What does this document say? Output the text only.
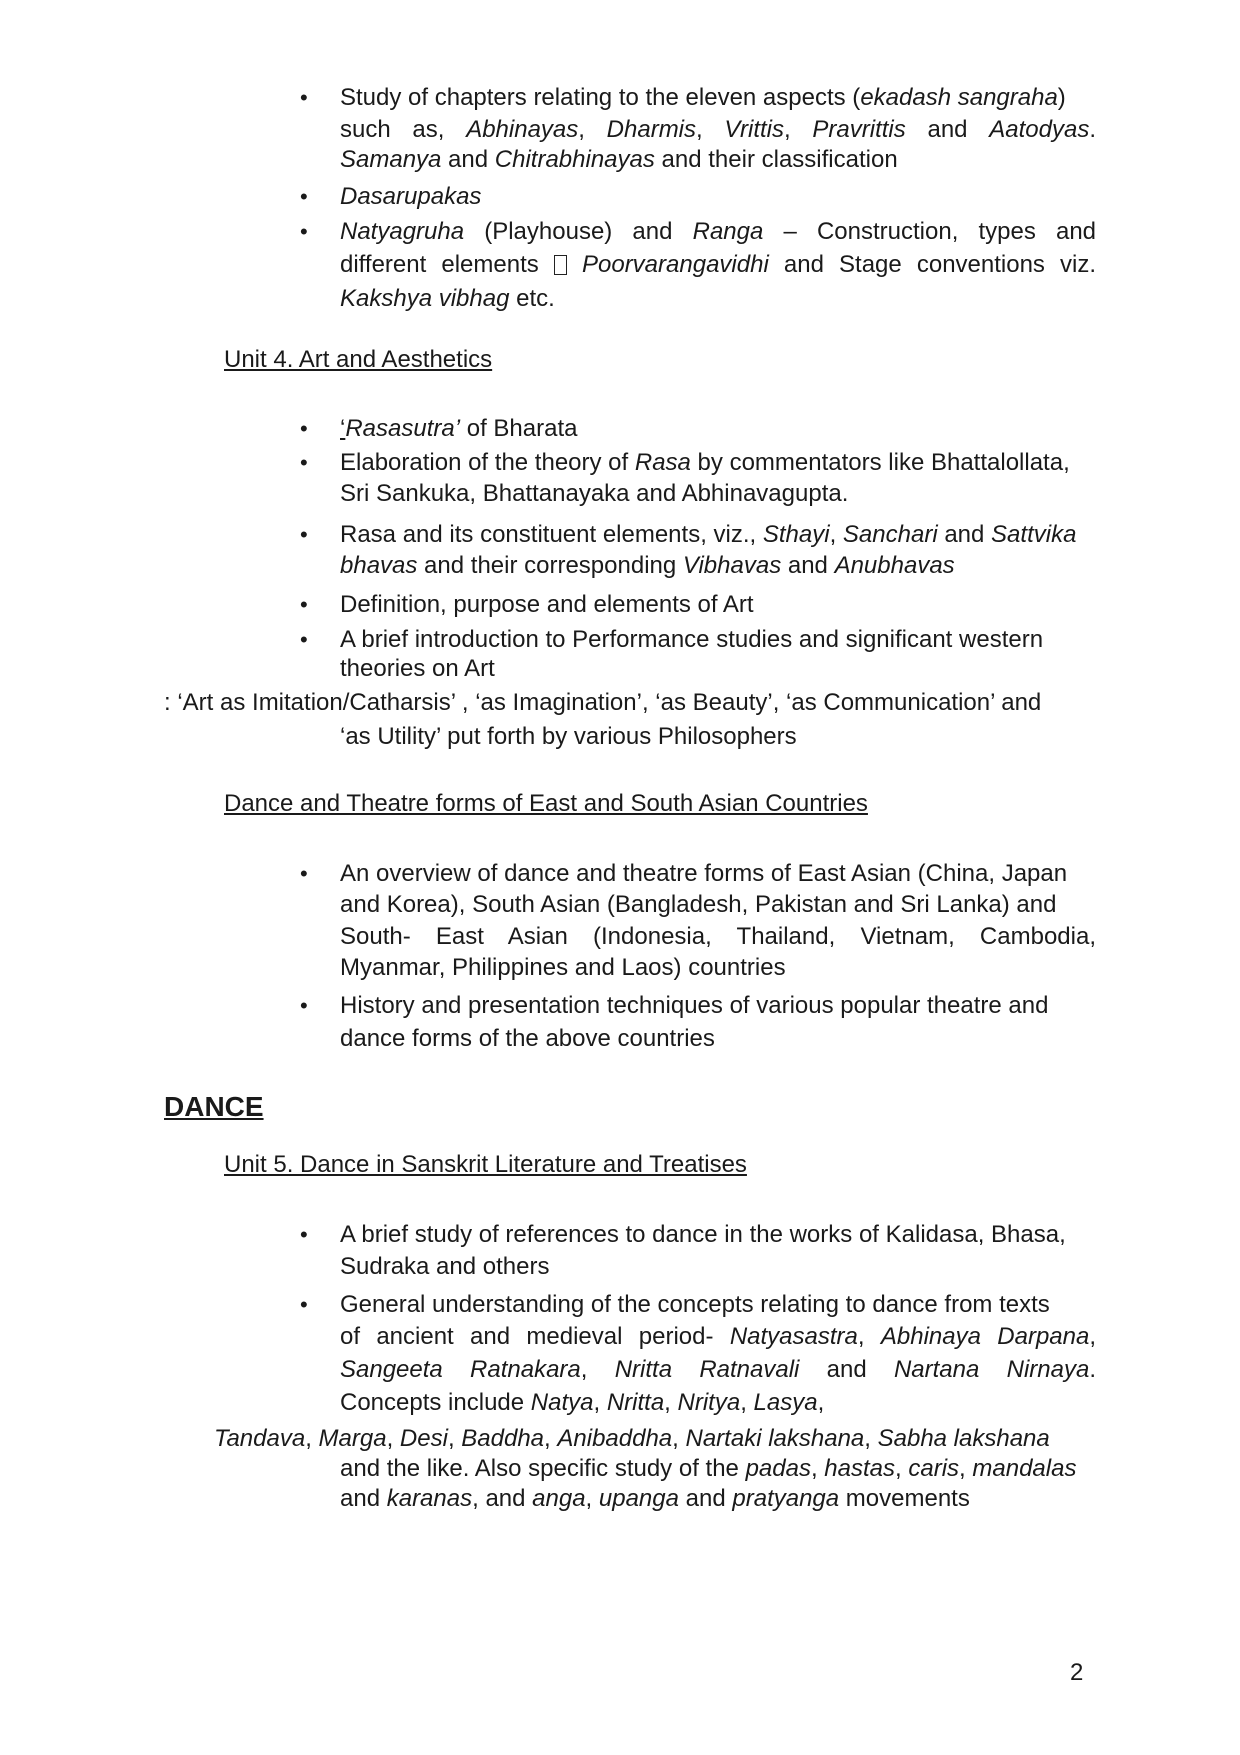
• Study of chapters relating to the eleven aspects (ekadash sangraha)
such as, Abhinayas, Dharmis, Vrittis, Pravrittis and Aatodyas.
Samanya and Chitrabhinayas and their classification
• Dasarupakas
• Natyagruha (Playhouse) and Ranga – Construction, types and
different elements Poorvarangavidhi and Stage conventions viz.
Kakshya vibhag etc.
Unit 4. Art and Aesthetics
• ‘Rasasutra’ of Bharata
• Elaboration of the theory of Rasa by commentators like Bhattalollata,
Sri Sankuka, Bhattanayaka and Abhinavagupta.
• Rasa and its constituent elements, viz., Sthayi, Sanchari and Sattvika
bhavas and their corresponding Vibhavas and Anubhavas
• Definition, purpose and elements of Art
• A brief introduction to Performance studies and significant western
theories on Art
: ‘Art as Imitation/Catharsis’ , ‘as Imagination’, ‘as Beauty’, ‘as Communication’ and
‘as Utility’ put forth by various Philosophers
Dance and Theatre forms of East and South Asian Countries
• An overview of dance and theatre forms of East Asian (China, Japan
and Korea), South Asian (Bangladesh, Pakistan and Sri Lanka) and
South- East Asian (Indonesia, Thailand, Vietnam, Cambodia,
Myanmar, Philippines and Laos) countries
• History and presentation techniques of various popular theatre and
dance forms of the above countries
DANCE
Unit 5. Dance in Sanskrit Literature and Treatises
• A brief study of references to dance in the works of Kalidasa, Bhasa,
Sudraka and others
• General understanding of the concepts relating to dance from texts
of ancient and medieval period- Natyasastra, Abhinaya Darpana,
Sangeeta Ratnakara, Nritta Ratnavali and Nartana Nirnaya.
Concepts include Natya, Nritta, Nritya, Lasya,
Tandava, Marga, Desi, Baddha, Anibaddha, Nartaki lakshana, Sabha lakshana
and the like. Also specific study of the padas, hastas, caris, mandalas
and karanas, and anga, upanga and pratyanga movements
2
